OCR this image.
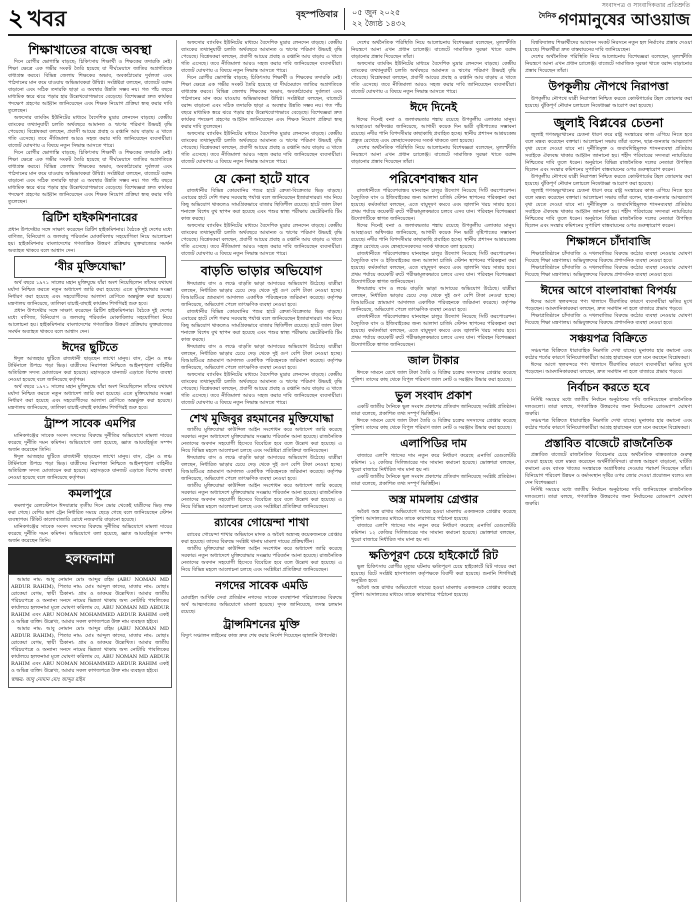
২ খবর	বৃহস্পতিবার ০৫ জুন ২০২৫
২২ জ্যৈষ্ঠ ১৪৩২
সংবাদপত্র ও সাংবাদিকতার প্রতিশ্রুতি
$^{দৈনিক}$ গণমানুষের আওয়াজ
শিক্ষাখাতের বাজে অবস্থা

দিনে রোগীর ভোগান্তি বাড়ছে; চিকিৎসায় শিক্ষার্থী ও শিক্ষকের তদারকি নেই। শিক্ষা ক্ষেত্রে এক গভীর সংকট তৈরি হয়েছে যা দীর্ঘমেয়াদে জাতির অগ্রগতিকে বাধাগ্রস্ত করবে। বিভিন্ন জেলায় শিক্ষকের অভাব, অবকাঠামোর দুর্বলতা এবং পাঠদানের মান কমে যাওয়ায় অভিভাবকরা উদ্বিগ্ন। সংশ্লিষ্টরা বলছেন, বাজেটে বরাদ্দ বাড়ানো এবং সঠিক তদারকি ছাড়া এ অবস্থার উন্নতি সম্ভব নয়। গত পাঁচ বছরে মাধ্যমিক স্তরে ঝরে পড়ার হার উল্লেখযোগ্যভাবে বেড়েছে। বিশেষজ্ঞরা দ্রুত কার্যকর পদক্ষেপ গ্রহণের আহ্বান জানিয়েছেন এবং শিক্ষক নিয়োগ প্রক্রিয়া স্বচ্ছ করার দাবি তুলেছেন।

অফসোর ব্যাংকিং ইউনিটের মাধ্যমে বৈদেশিক মুদ্রার লেনদেন বাড়ছে। কেন্দ্রীয় ব্যাংকের তথ্যানুযায়ী চলতি অর্থবছরে আমানত ও ঋণের পরিমাণ উভয়ই বৃদ্ধি পেয়েছে। বিশ্লেষকরা বলছেন, প্রবাসী আয়ের প্রবাহ ও রপ্তানি আয় বাড়ায় এ খাতে গতি এসেছে। তবে নীতিমালা আরও সহজ করার দাবি জানিয়েছেন ব্যবসায়ীরা। বাজেট ঘোষণায় এ বিষয়ে নতুন সিদ্ধান্ত আসতে পারে।

দিনে রোগীর ভোগান্তি বাড়ছে; চিকিৎসায় শিক্ষার্থী ও শিক্ষকের তদারকি নেই। শিক্ষা ক্ষেত্রে এক গভীর সংকট তৈরি হয়েছে যা দীর্ঘমেয়াদে জাতির অগ্রগতিকে বাধাগ্রস্ত করবে। বিভিন্ন জেলায় শিক্ষকের অভাব, অবকাঠামোর দুর্বলতা এবং পাঠদানের মান কমে যাওয়ায় অভিভাবকরা উদ্বিগ্ন। সংশ্লিষ্টরা বলছেন, বাজেটে বরাদ্দ বাড়ানো এবং সঠিক তদারকি ছাড়া এ অবস্থার উন্নতি সম্ভব নয়। গত পাঁচ বছরে মাধ্যমিক স্তরে ঝরে পড়ার হার উল্লেখযোগ্যভাবে বেড়েছে। বিশেষজ্ঞরা দ্রুত কার্যকর পদক্ষেপ গ্রহণের আহ্বান জানিয়েছেন এবং শিক্ষক নিয়োগ প্রক্রিয়া স্বচ্ছ করার দাবি তুলেছেন।

ব্রিটিশ হাইকমিশনারের
প্রধান উপদেষ্টার সঙ্গে সাক্ষাৎ করেছেন ব্রিটিশ হাইকমিশনার। বৈঠকে দুই দেশের মধ্যে বাণিজ্য, বিনিয়োগ ও জলবায়ু পরিবর্তন মোকাবিলায় সহযোগিতা নিয়ে আলোচনা হয়। হাইকমিশনার বাংলাদেশের গণতান্ত্রিক উত্তরণ প্রক্রিয়ায় যুক্তরাজ্যের সমর্থন অব্যাহত থাকবে বলে আশ্বাস দেন।
‘বীর মুক্তিযোদ্ধা’

অর্থ বছরে ১৯৭১ সালের মহান মুক্তিযুদ্ধে যাঁরা অংশ নিয়েছিলেন তাঁদের যথাযথ মর্যাদা নিশ্চিত করতে নতুন অধ্যাদেশ জারি করা হয়েছে। এতে মুক্তিযোদ্ধার সংজ্ঞা নির্ধারণ করা হয়েছে এবং সহযোগীদের আলাদা শ্রেণিতে অন্তর্ভুক্ত করা হয়েছে। মন্ত্রণালয় জানিয়েছে, তালিকা যাচাই-বাছাই কার্যক্রম শিগগিরই শুরু হবে।

প্রধান উপদেষ্টার সঙ্গে সাক্ষাৎ করেছেন ব্রিটিশ হাইকমিশনার। বৈঠকে দুই দেশের মধ্যে বাণিজ্য, বিনিয়োগ ও জলবায়ু পরিবর্তন মোকাবিলায় সহযোগিতা নিয়ে আলোচনা হয়। হাইকমিশনার বাংলাদেশের গণতান্ত্রিক উত্তরণ প্রক্রিয়ায় যুক্তরাজ্যের সমর্থন অব্যাহত থাকবে বলে আশ্বাস দেন।

ঈদের ছুটিতে

ঈদুল আজহার ছুটিতে রাজধানী ছাড়ছেন লাখো মানুষ। বাস, ট্রেন ও লঞ্চ টার্মিনালে উপচে পড়া ভিড়। যাত্রীদের নিরাপত্তা নিশ্চিতে আইনশৃঙ্খলা বাহিনীর অতিরিক্ত সদস্য মোতায়েন করা হয়েছে। মহাসড়কে যানজট এড়াতে বিশেষ ব্যবস্থা নেওয়া হয়েছে বলে জানিয়েছে কর্তৃপক্ষ।

অর্থ বছরে ১৯৭১ সালের মহান মুক্তিযুদ্ধে যাঁরা অংশ নিয়েছিলেন তাঁদের যথাযথ মর্যাদা নিশ্চিত করতে নতুন অধ্যাদেশ জারি করা হয়েছে। এতে মুক্তিযোদ্ধার সংজ্ঞা নির্ধারণ করা হয়েছে এবং সহযোগীদের আলাদা শ্রেণিতে অন্তর্ভুক্ত করা হয়েছে। মন্ত্রণালয় জানিয়েছে, তালিকা যাচাই-বাছাই কার্যক্রম শিগগিরই শুরু হবে।

ট্রাম্প সাবেক এমপির

মানিকগঞ্জের সাবেক সংসদ সদস্যের বিরুদ্ধে দুর্নীতির অভিযোগে মামলা দায়ের করেছে দুর্নীতি দমন কমিশন। অভিযোগে বলা হয়েছে, জ্ঞাত আয়বহির্ভূত সম্পদ অর্জন করেছেন তিনি।

ঈদুল আজহার ছুটিতে রাজধানী ছাড়ছেন লাখো মানুষ। বাস, ট্রেন ও লঞ্চ টার্মিনালে উপচে পড়া ভিড়। যাত্রীদের নিরাপত্তা নিশ্চিতে আইনশৃঙ্খলা বাহিনীর অতিরিক্ত সদস্য মোতায়েন করা হয়েছে। মহাসড়কে যানজট এড়াতে বিশেষ ব্যবস্থা নেওয়া হয়েছে বলে জানিয়েছে কর্তৃপক্ষ।

কমলাপুরে

কমলাপুর রেলস্টেশনে ঈদযাত্রার তৃতীয় দিনে ভোর থেকেই যাত্রীদের ভিড় লক্ষ করা গেছে। বেশির ভাগ ট্রেন নির্ধারিত সময়ে ছেড়ে গেছে বলে জানিয়েছেন স্টেশন ব্যবস্থাপক। টিকিট কালোবাজারি রোধে নজরদারি বাড়ানো হয়েছে।

মানিকগঞ্জের সাবেক সংসদ সদস্যের বিরুদ্ধে দুর্নীতির অভিযোগে মামলা দায়ের করেছে দুর্নীতি দমন কমিশন। অভিযোগে বলা হয়েছে, জ্ঞাত আয়বহির্ভূত সম্পদ অর্জন করেছেন তিনি।

হলফনামা

আমার নাম: আবু নোমান মোঃ আব্দুর রহিম (ABU NOMAN MD ABDUR RAHIM), পিতার নাম: মোঃ আব্দুল কাদের, মাতার নাম: মোছাঃ রোকেয়া বেগম, স্থায়ী ঠিকানা: গ্রাম ও ডাকঘর উল্লেখিত। আমার জাতীয় পরিচয়পত্রে ও অন্যান্য সনদে নামের ভিন্নতা থাকায় অদ্য নোটারি পাবলিকের কার্যালয়ে হলফনামা মূলে ঘোষণা করিলাম যে, ABU NOMAN MD ABDUR RAHIM এবং ABU NOMAN MOHAMMED ABDUR RAHIM একই ও অভিন্ন ব্যক্তি। উল্লেখ্য, আমার সকল কাগজপত্রে উক্ত নাম ব্যবহৃত হইবে।

আমার নাম: আবু নোমান মোঃ আব্দুর রহিম (ABU NOMAN MD ABDUR RAHIM), পিতার নাম: মোঃ আব্দুল কাদের, মাতার নাম: মোছাঃ রোকেয়া বেগম, স্থায়ী ঠিকানা: গ্রাম ও ডাকঘর উল্লেখিত। আমার জাতীয় পরিচয়পত্রে ও অন্যান্য সনদে নামের ভিন্নতা থাকায় অদ্য নোটারি পাবলিকের কার্যালয়ে হলফনামা মূলে ঘোষণা করিলাম যে, ABU NOMAN MD ABDUR RAHIM এবং ABU NOMAN MOHAMMED ABDUR RAHIM একই ও অভিন্ন ব্যক্তি। উল্লেখ্য, আমার সকল কাগজপত্রে উক্ত নাম ব্যবহৃত হইবে।

স্বাক্ষর: আবু নোমান মোঃ আব্দুর রহিম

অফসোর ব্যাংকিং ইউনিটের মাধ্যমে বৈদেশিক মুদ্রার লেনদেন বাড়ছে। কেন্দ্রীয় ব্যাংকের তথ্যানুযায়ী চলতি অর্থবছরে আমানত ও ঋণের পরিমাণ উভয়ই বৃদ্ধি পেয়েছে। বিশ্লেষকরা বলছেন, প্রবাসী আয়ের প্রবাহ ও রপ্তানি আয় বাড়ায় এ খাতে গতি এসেছে। তবে নীতিমালা আরও সহজ করার দাবি জানিয়েছেন ব্যবসায়ীরা। বাজেট ঘোষণায় এ বিষয়ে নতুন সিদ্ধান্ত আসতে পারে।

দিনে রোগীর ভোগান্তি বাড়ছে; চিকিৎসায় শিক্ষার্থী ও শিক্ষকের তদারকি নেই। শিক্ষা ক্ষেত্রে এক গভীর সংকট তৈরি হয়েছে যা দীর্ঘমেয়াদে জাতির অগ্রগতিকে বাধাগ্রস্ত করবে। বিভিন্ন জেলায় শিক্ষকের অভাব, অবকাঠামোর দুর্বলতা এবং পাঠদানের মান কমে যাওয়ায় অভিভাবকরা উদ্বিগ্ন। সংশ্লিষ্টরা বলছেন, বাজেটে বরাদ্দ বাড়ানো এবং সঠিক তদারকি ছাড়া এ অবস্থার উন্নতি সম্ভব নয়। গত পাঁচ বছরে মাধ্যমিক স্তরে ঝরে পড়ার হার উল্লেখযোগ্যভাবে বেড়েছে। বিশেষজ্ঞরা দ্রুত কার্যকর পদক্ষেপ গ্রহণের আহ্বান জানিয়েছেন এবং শিক্ষক নিয়োগ প্রক্রিয়া স্বচ্ছ করার দাবি তুলেছেন।

অফসোর ব্যাংকিং ইউনিটের মাধ্যমে বৈদেশিক মুদ্রার লেনদেন বাড়ছে। কেন্দ্রীয় ব্যাংকের তথ্যানুযায়ী চলতি অর্থবছরে আমানত ও ঋণের পরিমাণ উভয়ই বৃদ্ধি পেয়েছে। বিশ্লেষকরা বলছেন, প্রবাসী আয়ের প্রবাহ ও রপ্তানি আয় বাড়ায় এ খাতে গতি এসেছে। তবে নীতিমালা আরও সহজ করার দাবি জানিয়েছেন ব্যবসায়ীরা। বাজেট ঘোষণায় এ বিষয়ে নতুন সিদ্ধান্ত আসতে পারে।

যে কেনা হাটে যাবে

রাজধানীর বিভিন্ন কোরবানির পশুর হাটে ক্রেতা-বিক্রেতার ভিড় বাড়ছে। এবারের হাটে দেশি গরুর সরবরাহ পর্যাপ্ত বলে জানিয়েছেন ইজারাদাররা। দাম নিয়ে কিছু অভিযোগ থাকলেও সামগ্রিকভাবে বাজার স্থিতিশীল রয়েছে। হাটে জাল টাকা শনাক্তে বিশেষ বুথ স্থাপন করা হয়েছে এবং পশুর স্বাস্থ্য পরীক্ষায় ভেটেরিনারি টিম কাজ করছে।

অফসোর ব্যাংকিং ইউনিটের মাধ্যমে বৈদেশিক মুদ্রার লেনদেন বাড়ছে। কেন্দ্রীয় ব্যাংকের তথ্যানুযায়ী চলতি অর্থবছরে আমানত ও ঋণের পরিমাণ উভয়ই বৃদ্ধি পেয়েছে। বিশ্লেষকরা বলছেন, প্রবাসী আয়ের প্রবাহ ও রপ্তানি আয় বাড়ায় এ খাতে গতি এসেছে। তবে নীতিমালা আরও সহজ করার দাবি জানিয়েছেন ব্যবসায়ীরা। বাজেট ঘোষণায় এ বিষয়ে নতুন সিদ্ধান্ত আসতে পারে।

বাড়তি ভাড়ার অভিযোগ

ঈদযাত্রায় বাস ও লঞ্চে বাড়তি ভাড়া আদায়ের অভিযোগ উঠেছে। যাত্রীরা বলছেন, নির্ধারিত ভাড়ার চেয়ে দেড় থেকে দুই গুণ বেশি টাকা নেওয়া হচ্ছে। বিআরটিএর ভ্রাম্যমাণ আদালত একাধিক পরিবহনকে জরিমানা করেছে। কর্তৃপক্ষ জানিয়েছে, অভিযোগ পেলে তাৎক্ষণিক ব্যবস্থা নেওয়া হবে।

রাজধানীর বিভিন্ন কোরবানির পশুর হাটে ক্রেতা-বিক্রেতার ভিড় বাড়ছে। এবারের হাটে দেশি গরুর সরবরাহ পর্যাপ্ত বলে জানিয়েছেন ইজারাদাররা। দাম নিয়ে কিছু অভিযোগ থাকলেও সামগ্রিকভাবে বাজার স্থিতিশীল রয়েছে। হাটে জাল টাকা শনাক্তে বিশেষ বুথ স্থাপন করা হয়েছে এবং পশুর স্বাস্থ্য পরীক্ষায় ভেটেরিনারি টিম কাজ করছে।

ঈদযাত্রায় বাস ও লঞ্চে বাড়তি ভাড়া আদায়ের অভিযোগ উঠেছে। যাত্রীরা বলছেন, নির্ধারিত ভাড়ার চেয়ে দেড় থেকে দুই গুণ বেশি টাকা নেওয়া হচ্ছে। বিআরটিএর ভ্রাম্যমাণ আদালত একাধিক পরিবহনকে জরিমানা করেছে। কর্তৃপক্ষ জানিয়েছে, অভিযোগ পেলে তাৎক্ষণিক ব্যবস্থা নেওয়া হবে।

অফসোর ব্যাংকিং ইউনিটের মাধ্যমে বৈদেশিক মুদ্রার লেনদেন বাড়ছে। কেন্দ্রীয় ব্যাংকের তথ্যানুযায়ী চলতি অর্থবছরে আমানত ও ঋণের পরিমাণ উভয়ই বৃদ্ধি পেয়েছে। বিশ্লেষকরা বলছেন, প্রবাসী আয়ের প্রবাহ ও রপ্তানি আয় বাড়ায় এ খাতে গতি এসেছে। তবে নীতিমালা আরও সহজ করার দাবি জানিয়েছেন ব্যবসায়ীরা। বাজেট ঘোষণায় এ বিষয়ে নতুন সিদ্ধান্ত আসতে পারে।

শেখ মুজিবুর রহমানের মুক্তিযোদ্ধা

জাতীয় মুক্তিযোদ্ধা কাউন্সিল আইন সংশোধন করে অধ্যাদেশ জারি করেছে সরকার। নতুন অধ্যাদেশে মুক্তিযোদ্ধার সংজ্ঞায় পরিবর্তন আনা হয়েছে। রাজনৈতিক নেতাদের অবদান সহযোগী হিসেবে বিবেচিত হবে বলে উল্লেখ করা হয়েছে। এ নিয়ে বিভিন্ন মহলে আলোচনা চলছে এবং সংশ্লিষ্টরা প্রতিক্রিয়া জানিয়েছেন।

ঈদযাত্রায় বাস ও লঞ্চে বাড়তি ভাড়া আদায়ের অভিযোগ উঠেছে। যাত্রীরা বলছেন, নির্ধারিত ভাড়ার চেয়ে দেড় থেকে দুই গুণ বেশি টাকা নেওয়া হচ্ছে। বিআরটিএর ভ্রাম্যমাণ আদালত একাধিক পরিবহনকে জরিমানা করেছে। কর্তৃপক্ষ জানিয়েছে, অভিযোগ পেলে তাৎক্ষণিক ব্যবস্থা নেওয়া হবে।

জাতীয় মুক্তিযোদ্ধা কাউন্সিল আইন সংশোধন করে অধ্যাদেশ জারি করেছে সরকার। নতুন অধ্যাদেশে মুক্তিযোদ্ধার সংজ্ঞায় পরিবর্তন আনা হয়েছে। রাজনৈতিক নেতাদের অবদান সহযোগী হিসেবে বিবেচিত হবে বলে উল্লেখ করা হয়েছে। এ নিয়ে বিভিন্ন মহলে আলোচনা চলছে এবং সংশ্লিষ্টরা প্রতিক্রিয়া জানিয়েছেন।

র‍্যাবের গোয়েন্দা শাখা

র‍্যাবের গোয়েন্দা শাখার অভিযানে মাদক ও অবৈধ অস্ত্রসহ কয়েকজনকে গ্রেপ্তার করা হয়েছে। তাদের বিরুদ্ধে সংশ্লিষ্ট থানায় মামলা দায়ের প্রক্রিয়াধীন।

জাতীয় মুক্তিযোদ্ধা কাউন্সিল আইন সংশোধন করে অধ্যাদেশ জারি করেছে সরকার। নতুন অধ্যাদেশে মুক্তিযোদ্ধার সংজ্ঞায় পরিবর্তন আনা হয়েছে। রাজনৈতিক নেতাদের অবদান সহযোগী হিসেবে বিবেচিত হবে বলে উল্লেখ করা হয়েছে। এ নিয়ে বিভিন্ন মহলে আলোচনা চলছে এবং সংশ্লিষ্টরা প্রতিক্রিয়া জানিয়েছেন।

নগদের সাবেক এমডি
মোবাইল আর্থিক সেবা প্রতিষ্ঠান নগদের সাবেক ব্যবস্থাপনা পরিচালকের বিরুদ্ধে অর্থ আত্মসাতের অভিযোগে মামলা হয়েছে। দুদক জানিয়েছে, তদন্ত চলমান রয়েছে।
ট্রান্সমিশনের মুক্তি
বিদ্যুৎ সঞ্চালন লাইনের কাজ দ্রুত শেষ করার নির্দেশ দিয়েছেন জ্বালানি উপদেষ্টা।

দেশের অর্থনৈতিক পরিস্থিতি নিয়ে আলোচনায় বিশেষজ্ঞরা বলেছেন, মূল্যস্ফীতি নিয়ন্ত্রণে আনা এখন প্রধান চ্যালেঞ্জ। বাজেটে সামাজিক সুরক্ষা খাতে বরাদ্দ বাড়ানোর প্রস্তাব দিয়েছেন তাঁরা।

অফসোর ব্যাংকিং ইউনিটের মাধ্যমে বৈদেশিক মুদ্রার লেনদেন বাড়ছে। কেন্দ্রীয় ব্যাংকের তথ্যানুযায়ী চলতি অর্থবছরে আমানত ও ঋণের পরিমাণ উভয়ই বৃদ্ধি পেয়েছে। বিশ্লেষকরা বলছেন, প্রবাসী আয়ের প্রবাহ ও রপ্তানি আয় বাড়ায় এ খাতে গতি এসেছে। তবে নীতিমালা আরও সহজ করার দাবি জানিয়েছেন ব্যবসায়ীরা। বাজেট ঘোষণায় এ বিষয়ে নতুন সিদ্ধান্ত আসতে পারে।

ঈদে দিনেই

ঈদের দিনেই বন্যা ও জলাবদ্ধতার শঙ্কায় রয়েছে উপকূলীয় এলাকার মানুষ। আবহাওয়া অধিদপ্তর জানিয়েছে, আগামী কয়েক দিন ভারী বৃষ্টিপাতের সম্ভাবনা রয়েছে। নদীর পানি বিপদসীমার কাছাকাছি প্রবাহিত হচ্ছে। স্থানীয় প্রশাসন আশ্রয়কেন্দ্র প্রস্তুত রেখেছে এবং স্বেচ্ছাসেবকদের সতর্ক থাকতে বলা হয়েছে।

দেশের অর্থনৈতিক পরিস্থিতি নিয়ে আলোচনায় বিশেষজ্ঞরা বলেছেন, মূল্যস্ফীতি নিয়ন্ত্রণে আনা এখন প্রধান চ্যালেঞ্জ। বাজেটে সামাজিক সুরক্ষা খাতে বরাদ্দ বাড়ানোর প্রস্তাব দিয়েছেন তাঁরা।

পরিবেশবান্ধব যান

রাজধানীতে পরিবেশবান্ধব যানবাহন চালুর উদ্যোগ নিয়েছে সিটি করপোরেশন। বৈদ্যুতিক বাস ও ইজিবাইকের জন্য আলাদা চার্জিং স্টেশন স্থাপনের পরিকল্পনা করা হয়েছে। কর্মকর্তারা বলছেন, এতে বায়ুদূষণ কমবে এবং জ্বালানি খরচ সাশ্রয় হবে। প্রথম পর্যায়ে কয়েকটি রুটে পরীক্ষামূলকভাবে চলবে এসব যান। পরিবহন বিশেষজ্ঞরা উদ্যোগটিকে স্বাগত জানিয়েছেন।

ঈদের দিনেই বন্যা ও জলাবদ্ধতার শঙ্কায় রয়েছে উপকূলীয় এলাকার মানুষ। আবহাওয়া অধিদপ্তর জানিয়েছে, আগামী কয়েক দিন ভারী বৃষ্টিপাতের সম্ভাবনা রয়েছে। নদীর পানি বিপদসীমার কাছাকাছি প্রবাহিত হচ্ছে। স্থানীয় প্রশাসন আশ্রয়কেন্দ্র প্রস্তুত রেখেছে এবং স্বেচ্ছাসেবকদের সতর্ক থাকতে বলা হয়েছে।

রাজধানীতে পরিবেশবান্ধব যানবাহন চালুর উদ্যোগ নিয়েছে সিটি করপোরেশন। বৈদ্যুতিক বাস ও ইজিবাইকের জন্য আলাদা চার্জিং স্টেশন স্থাপনের পরিকল্পনা করা হয়েছে। কর্মকর্তারা বলছেন, এতে বায়ুদূষণ কমবে এবং জ্বালানি খরচ সাশ্রয় হবে। প্রথম পর্যায়ে কয়েকটি রুটে পরীক্ষামূলকভাবে চলবে এসব যান। পরিবহন বিশেষজ্ঞরা উদ্যোগটিকে স্বাগত জানিয়েছেন।

ঈদযাত্রায় বাস ও লঞ্চে বাড়তি ভাড়া আদায়ের অভিযোগ উঠেছে। যাত্রীরা বলছেন, নির্ধারিত ভাড়ার চেয়ে দেড় থেকে দুই গুণ বেশি টাকা নেওয়া হচ্ছে। বিআরটিএর ভ্রাম্যমাণ আদালত একাধিক পরিবহনকে জরিমানা করেছে। কর্তৃপক্ষ জানিয়েছে, অভিযোগ পেলে তাৎক্ষণিক ব্যবস্থা নেওয়া হবে।

রাজধানীতে পরিবেশবান্ধব যানবাহন চালুর উদ্যোগ নিয়েছে সিটি করপোরেশন। বৈদ্যুতিক বাস ও ইজিবাইকের জন্য আলাদা চার্জিং স্টেশন স্থাপনের পরিকল্পনা করা হয়েছে। কর্মকর্তারা বলছেন, এতে বায়ুদূষণ কমবে এবং জ্বালানি খরচ সাশ্রয় হবে। প্রথম পর্যায়ে কয়েকটি রুটে পরীক্ষামূলকভাবে চলবে এসব যান। পরিবহন বিশেষজ্ঞরা উদ্যোগটিকে স্বাগত জানিয়েছেন।

জাল টাকার

ঈদকে সামনে রেখে জাল টাকা তৈরি ও বিক্রির চক্রের সদস্যদের গ্রেপ্তার করেছে পুলিশ। তাদের কাছ থেকে বিপুল পরিমাণ জাল নোট ও সরঞ্জাম উদ্ধার করা হয়েছে।

ভুল সংবাদ প্রকাশ

একটি জাতীয় দৈনিকে ভুল সংবাদ প্রকাশের প্রতিবাদ জানিয়েছে সংশ্লিষ্ট প্রতিষ্ঠান। তারা বলেছে, প্রকাশিত তথ্য সম্পূর্ণ ভিত্তিহীন।

ঈদকে সামনে রেখে জাল টাকা তৈরি ও বিক্রির চক্রের সদস্যদের গ্রেপ্তার করেছে পুলিশ। তাদের কাছ থেকে বিপুল পরিমাণ জাল নোট ও সরঞ্জাম উদ্ধার করা হয়েছে।

এলাপিডির দাম

বাজারে এলপি গ্যাসের দাম নতুন করে নির্ধারণ করেছে এনার্জি রেগুলেটরি কমিশন। ১২ কেজির সিলিন্ডারের দাম সামান্য কমানো হয়েছে। ভোক্তারা বলছেন, খুচরা বাজারে নির্ধারিত দাম মানা হয় না।

একটি জাতীয় দৈনিকে ভুল সংবাদ প্রকাশের প্রতিবাদ জানিয়েছে সংশ্লিষ্ট প্রতিষ্ঠান। তারা বলেছে, প্রকাশিত তথ্য সম্পূর্ণ ভিত্তিহীন।

অস্ত্র মামলায় গ্রেপ্তার

অবৈধ অস্ত্র রাখার অভিযোগে দায়ের হওয়া মামলায় একজনকে গ্রেপ্তার করেছে পুলিশ। আদালতের মাধ্যমে তাকে কারাগারে পাঠানো হয়েছে।

বাজারে এলপি গ্যাসের দাম নতুন করে নির্ধারণ করেছে এনার্জি রেগুলেটরি কমিশন। ১২ কেজির সিলিন্ডারের দাম সামান্য কমানো হয়েছে। ভোক্তারা বলছেন, খুচরা বাজারে নির্ধারিত দাম মানা হয় না।

ক্ষতিপূরণ চেয়ে হাইকোর্টে রিট

ভুল চিকিৎসায় রোগীর মৃত্যুর ঘটনায় ক্ষতিপূরণ চেয়ে হাইকোর্টে রিট দায়ের করা হয়েছে। রিটে সংশ্লিষ্ট হাসপাতাল কর্তৃপক্ষকে বিবাদী করা হয়েছে। শুনানি শিগগিরই অনুষ্ঠিত হবে।

অবৈধ অস্ত্র রাখার অভিযোগে দায়ের হওয়া মামলায় একজনকে গ্রেপ্তার করেছে পুলিশ। আদালতের মাধ্যমে তাকে কারাগারে পাঠানো হয়েছে।

বিশ্ববিদ্যালয় শিক্ষার্থীদের আবাসন সংকট নিরসনে নতুন হল নির্মাণের প্রস্তাব দেওয়া হয়েছে। শিক্ষার্থীরা দ্রুত বাস্তবায়নের দাবি জানিয়েছেন।

দেশের অর্থনৈতিক পরিস্থিতি নিয়ে আলোচনায় বিশেষজ্ঞরা বলেছেন, মূল্যস্ফীতি নিয়ন্ত্রণে আনা এখন প্রধান চ্যালেঞ্জ। বাজেটে সামাজিক সুরক্ষা খাতে বরাদ্দ বাড়ানোর প্রস্তাব দিয়েছেন তাঁরা।

উপকূলীয় নৌপথে নিরাপত্তা

উপকূলীয় নৌপথে যাত্রী নিরাপত্তা নিশ্চিত করতে কোস্টগার্ডের টহল জোরদার করা হয়েছে। ঝুঁকিপূর্ণ নৌযান চলাচলে নিষেধাজ্ঞা আরোপ করা হয়েছে।

জুলাই বিপ্লবের চেতনা

জুলাই গণঅভ্যুত্থানের চেতনা ধারণ করে রাষ্ট্র সংস্কারের কাজ এগিয়ে নিতে হবে বলে মন্তব্য করেছেন বক্তারা। আলোচনা সভায় তাঁরা বলেন, ছাত্র-জনতার আত্মত্যাগ বৃথা যেতে দেওয়া যাবে না। দুর্নীতিমুক্ত ও জবাবদিহিমূলক শাসনব্যবস্থা প্রতিষ্ঠায় সবাইকে ঐক্যবদ্ধ থাকার আহ্বান জানানো হয়। শহীদ পরিবারের সদস্যরা ন্যায়বিচার নিশ্চিতের দাবি তুলে ধরেন। অনুষ্ঠানে বিভিন্ন রাজনৈতিক দলের নেতারা উপস্থিত ছিলেন এবং সংস্কার কমিশনের সুপারিশ বাস্তবায়নের ওপর গুরুত্বারোপ করেন।

উপকূলীয় নৌপথে যাত্রী নিরাপত্তা নিশ্চিত করতে কোস্টগার্ডের টহল জোরদার করা হয়েছে। ঝুঁকিপূর্ণ নৌযান চলাচলে নিষেধাজ্ঞা আরোপ করা হয়েছে।

জুলাই গণঅভ্যুত্থানের চেতনা ধারণ করে রাষ্ট্র সংস্কারের কাজ এগিয়ে নিতে হবে বলে মন্তব্য করেছেন বক্তারা। আলোচনা সভায় তাঁরা বলেন, ছাত্র-জনতার আত্মত্যাগ বৃথা যেতে দেওয়া যাবে না। দুর্নীতিমুক্ত ও জবাবদিহিমূলক শাসনব্যবস্থা প্রতিষ্ঠায় সবাইকে ঐক্যবদ্ধ থাকার আহ্বান জানানো হয়। শহীদ পরিবারের সদস্যরা ন্যায়বিচার নিশ্চিতের দাবি তুলে ধরেন। অনুষ্ঠানে বিভিন্ন রাজনৈতিক দলের নেতারা উপস্থিত ছিলেন এবং সংস্কার কমিশনের সুপারিশ বাস্তবায়নের ওপর গুরুত্বারোপ করেন।

শিক্ষাঙ্গনে চাঁদাবাজি

শিক্ষাপ্রতিষ্ঠানে চাঁদাবাজি ও দখলবাজির বিরুদ্ধে কঠোর ব্যবস্থা নেওয়ার ঘোষণা দিয়েছে শিক্ষা মন্ত্রণালয়। অভিযুক্তদের বিরুদ্ধে প্রশাসনিক ব্যবস্থা নেওয়া হবে।

শিক্ষাপ্রতিষ্ঠানে চাঁদাবাজি ও দখলবাজির বিরুদ্ধে কঠোর ব্যবস্থা নেওয়ার ঘোষণা দিয়েছে শিক্ষা মন্ত্রণালয়। অভিযুক্তদের বিরুদ্ধে প্রশাসনিক ব্যবস্থা নেওয়া হবে।

ঈদের আগে বাংলাবান্ধা বিপর্যয়

ঈদের আগে স্থলবন্দরে পণ্য খালাসে ধীরগতির কারণে ব্যবসায়ীরা ক্ষতির মুখে পড়েছেন। আমদানিকারকরা বলছেন, দ্রুত সমাধান না হলে বাজারে প্রভাব পড়বে।

শিক্ষাপ্রতিষ্ঠানে চাঁদাবাজি ও দখলবাজির বিরুদ্ধে কঠোর ব্যবস্থা নেওয়ার ঘোষণা দিয়েছে শিক্ষা মন্ত্রণালয়। অভিযুক্তদের বিরুদ্ধে প্রশাসনিক ব্যবস্থা নেওয়া হবে।

সঞ্চয়পত্র বিক্রিতে

সঞ্চয়পত্র বিক্রিতে ধারাবাহিক নিম্নগতি দেখা যাচ্ছে। মুনাফার হার কমানো এবং কঠোর শর্তের কারণে বিনিয়োগকারীরা আগ্রহ হারাচ্ছেন বলে মনে করছেন বিশ্লেষকরা।

ঈদের আগে স্থলবন্দরে পণ্য খালাসে ধীরগতির কারণে ব্যবসায়ীরা ক্ষতির মুখে পড়েছেন। আমদানিকারকরা বলছেন, দ্রুত সমাধান না হলে বাজারে প্রভাব পড়বে।

নির্বাচন করতে হবে

নির্দিষ্ট সময়ের মধ্যে জাতীয় নির্বাচন অনুষ্ঠানের দাবি জানিয়েছেন রাজনৈতিক দলগুলো। তারা বলছে, গণতান্ত্রিক উত্তরণের জন্য নির্বাচনের রোডম্যাপ ঘোষণা জরুরি।

সঞ্চয়পত্র বিক্রিতে ধারাবাহিক নিম্নগতি দেখা যাচ্ছে। মুনাফার হার কমানো এবং কঠোর শর্তের কারণে বিনিয়োগকারীরা আগ্রহ হারাচ্ছেন বলে মনে করছেন বিশ্লেষকরা।

প্রস্তাবিত বাজেটে রাজনৈতিক

প্রস্তাবিত বাজেটে রাজনৈতিক বিবেচনার চেয়ে অর্থনৈতিক বাস্তবতাকে গুরুত্ব দেওয়া হয়েছে বলে মন্তব্য করেছেন অর্থনীতিবিদরা। রাজস্ব আহরণ বাড়ানো, ঘাটতি কমানো এবং ব্যাংক খাতের সংস্কারকে অগ্রাধিকার দেওয়ার পরামর্শ দিয়েছেন তাঁরা। বিনিয়োগ পরিবেশ উন্নয়ন ও কর্মসংস্থান সৃষ্টির ওপর জোর দেওয়া প্রয়োজন বলেও মত দেন বিশেষজ্ঞরা।

নির্দিষ্ট সময়ের মধ্যে জাতীয় নির্বাচন অনুষ্ঠানের দাবি জানিয়েছেন রাজনৈতিক দলগুলো। তারা বলছে, গণতান্ত্রিক উত্তরণের জন্য নির্বাচনের রোডম্যাপ ঘোষণা জরুরি।
